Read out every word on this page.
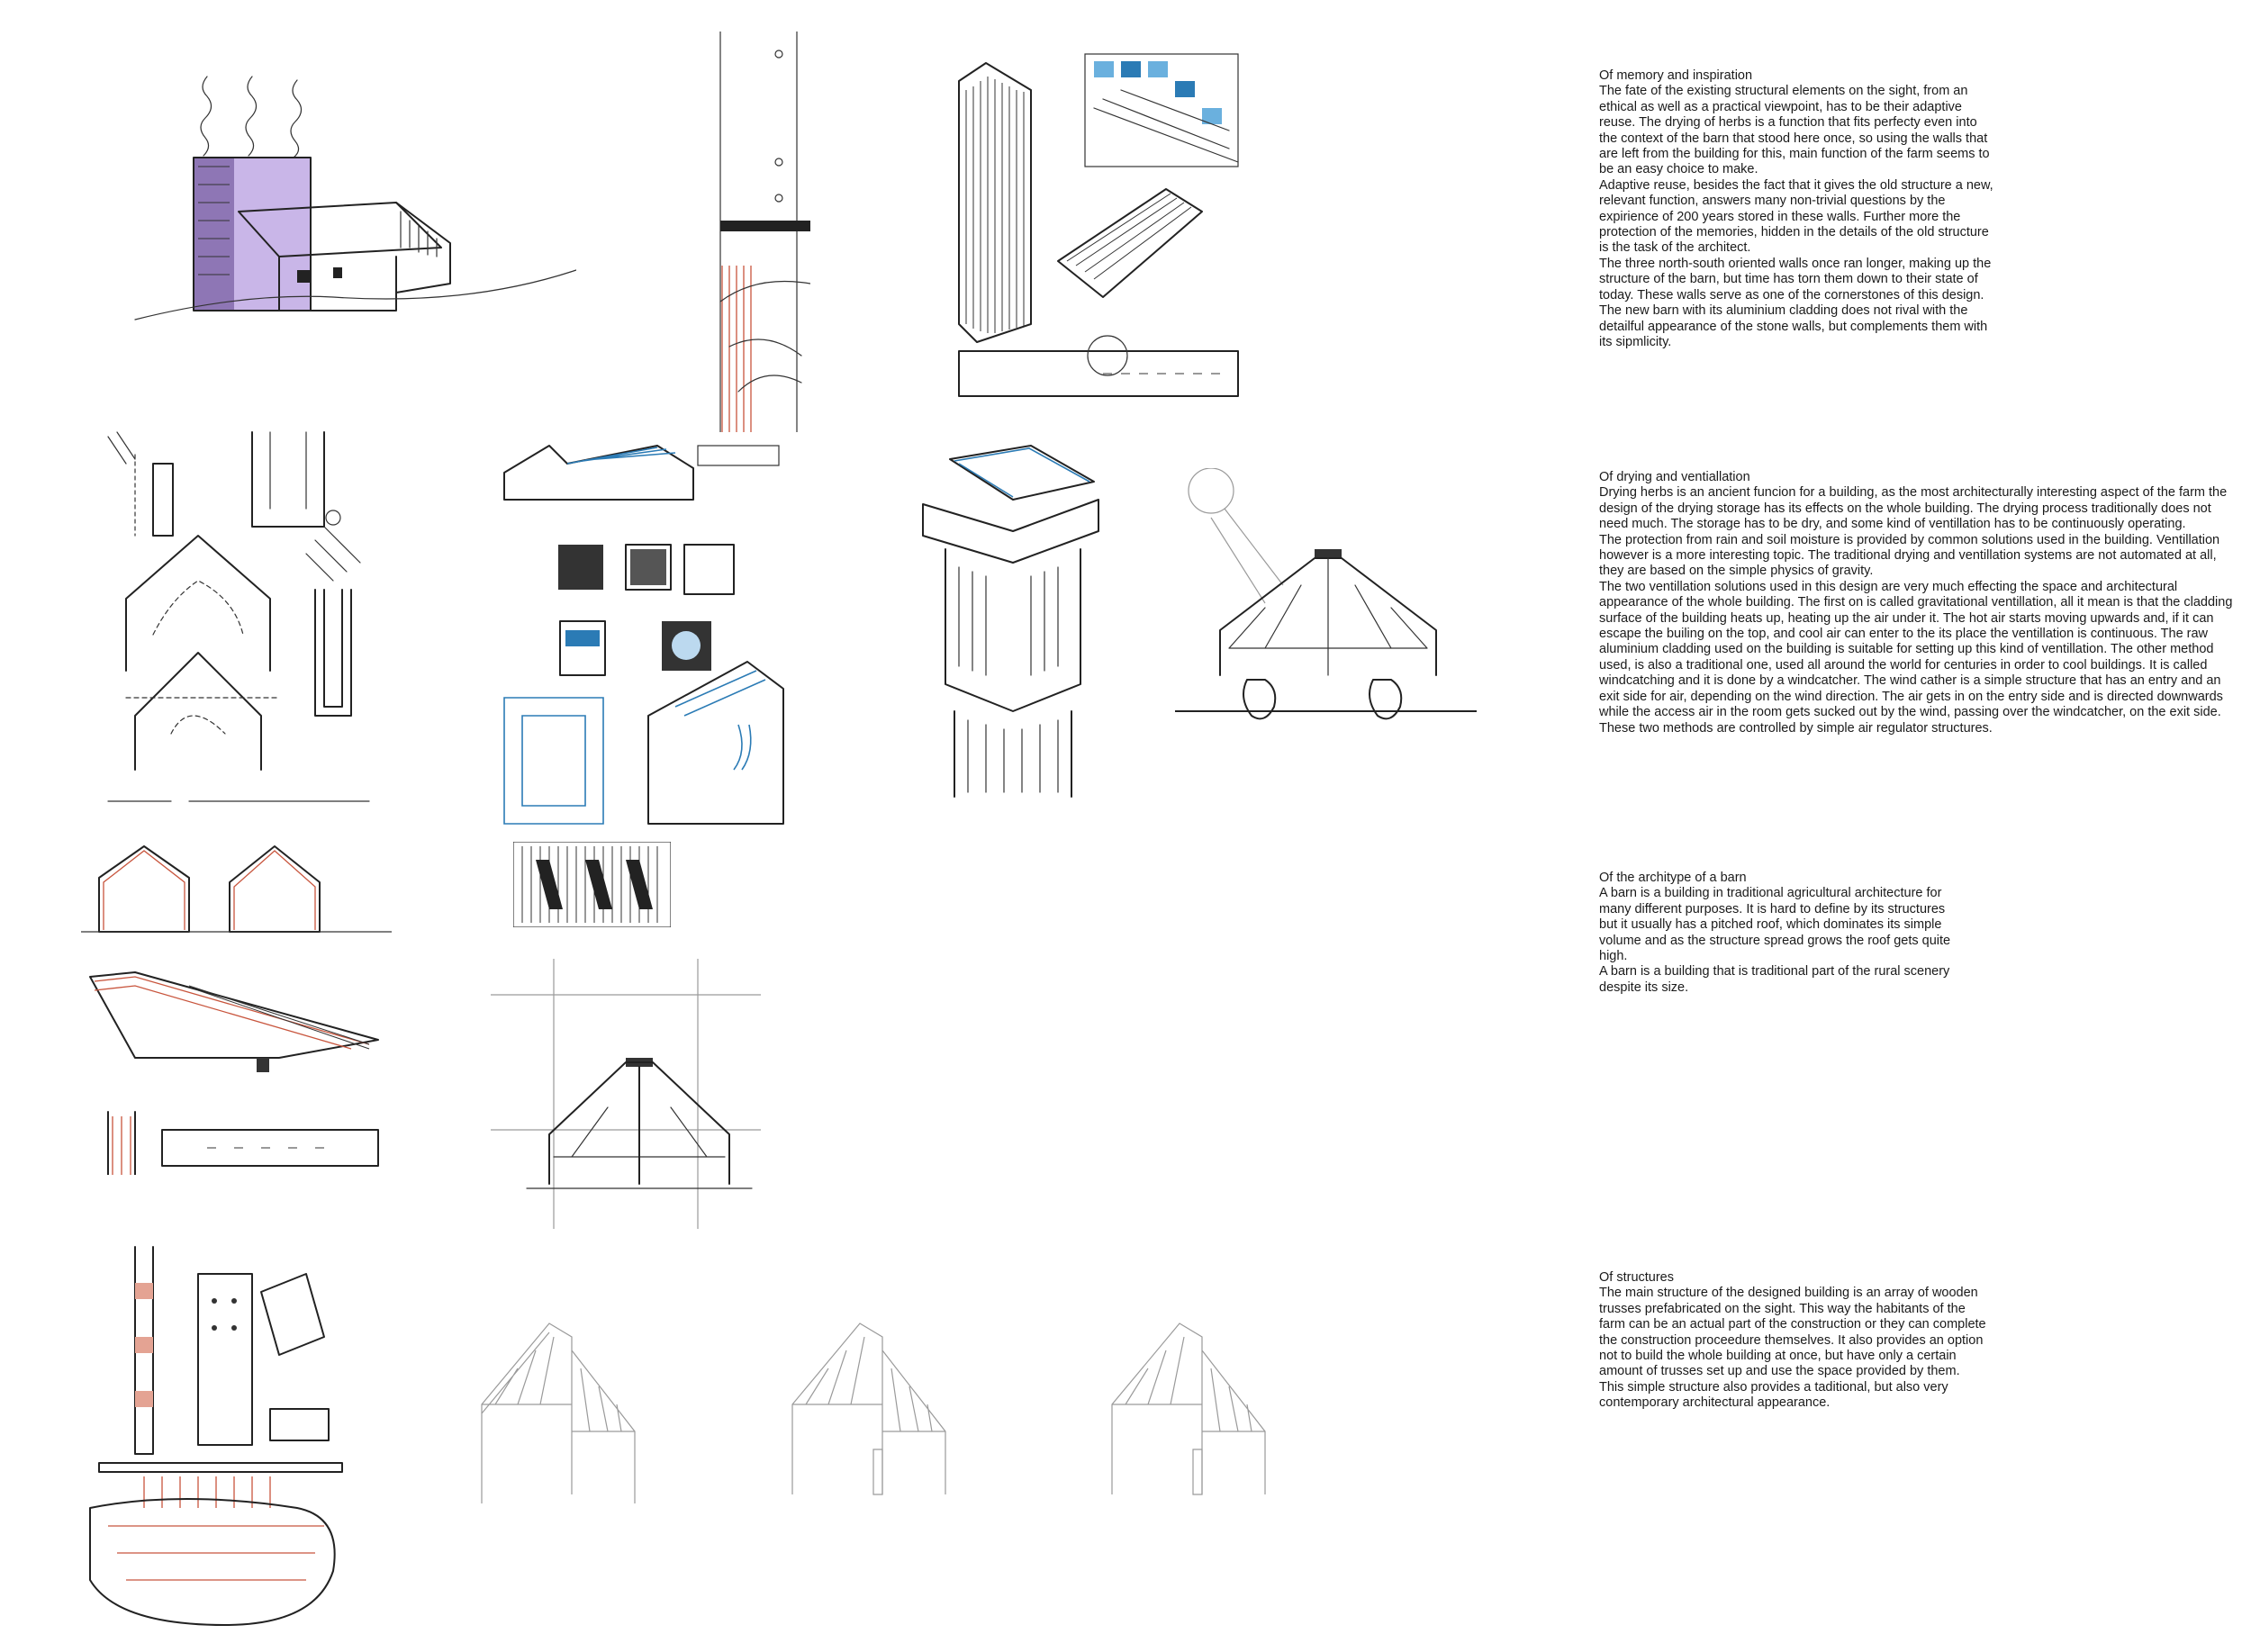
Of memory and inspiration

The fate of the existing structural elements on the sight, from an ethical as well as a practical viewpoint, has to be their adaptive reuse. The drying of herbs is a function that fits perfecty even into the context of the barn that stood here once, so using the walls that are left from the building for this, main function of the farm seems to be an easy choice to make.

Adaptive reuse, besides the fact that it gives the old structure a new, relevant function, answers many non-trivial questions by the expirience of 200 years stored in these walls. Further more the protection of the memories, hidden in the details of the old structure is the task of the architect.

The three north-south oriented walls once ran longer, making up the structure of the barn, but time has torn them down to their state of today. These walls serve as one of the cornerstones of this design.

The new barn with its aluminium cladding does not rival with the detailful appearance of the stone walls, but complements them with its sipmlicity.

Of drying and ventiallation

Drying herbs is an ancient funcion for a building, as the most architecturally interesting aspect of the farm the design of the drying storage has its effects on the whole building. The drying process traditionally does not need much. The storage has to be dry, and some kind of ventillation has to be continuously operating.

The protection from rain and soil moisture is provided by common solutions used in the building. Ventillation however is a more interesting topic. The traditional drying and ventillation systems are not automated at all, they are based on the simple physics of gravity.

The two ventillation solutions used in this design are very much effecting the space and architectural appearance of the whole building. The first on is called gravitational ventillation, all it mean is that the cladding surface of the building heats up, heating up the air under it. The hot air starts moving upwards and, if it can escape the builing on the top, and cool air can enter to the its place the ventillation is continuous. The raw aluminium cladding used on the building is suitable for setting up this kind of ventillation. The other method used, is also a traditional one, used all around the world for centuries in order to cool buildings. It is called windcatching and it is done by a windcatcher. The wind cather is a simple structure that has an entry and an exit side for air, depending on the wind direction. The air gets in on the entry side and is directed downwards while the access air in the room gets sucked out by the wind, passing over the windcatcher, on the exit side. These two methods are controlled by simple air regulator structures.

Of the architype of a barn

A barn is a building in traditional agricultural architecture for many different purposes. It is hard to define by its structures but it usually has a pitched roof, which dominates its simple volume and as the structure spread grows the roof gets quite high.

A barn is a building that is traditional part of the rural scenery despite its size.

Of structures

The main structure of the designed building is an array of wooden trusses prefabricated on the sight. This way the habitants of the farm can be an actual part of the construction or they can complete the construction proceedure themselves. It also provides an option not to build the whole building at once, but have only a certain amount of trusses set up and use the space provided by them. This simple structure also provides a taditional, but also very contemporary architectural appearance.
